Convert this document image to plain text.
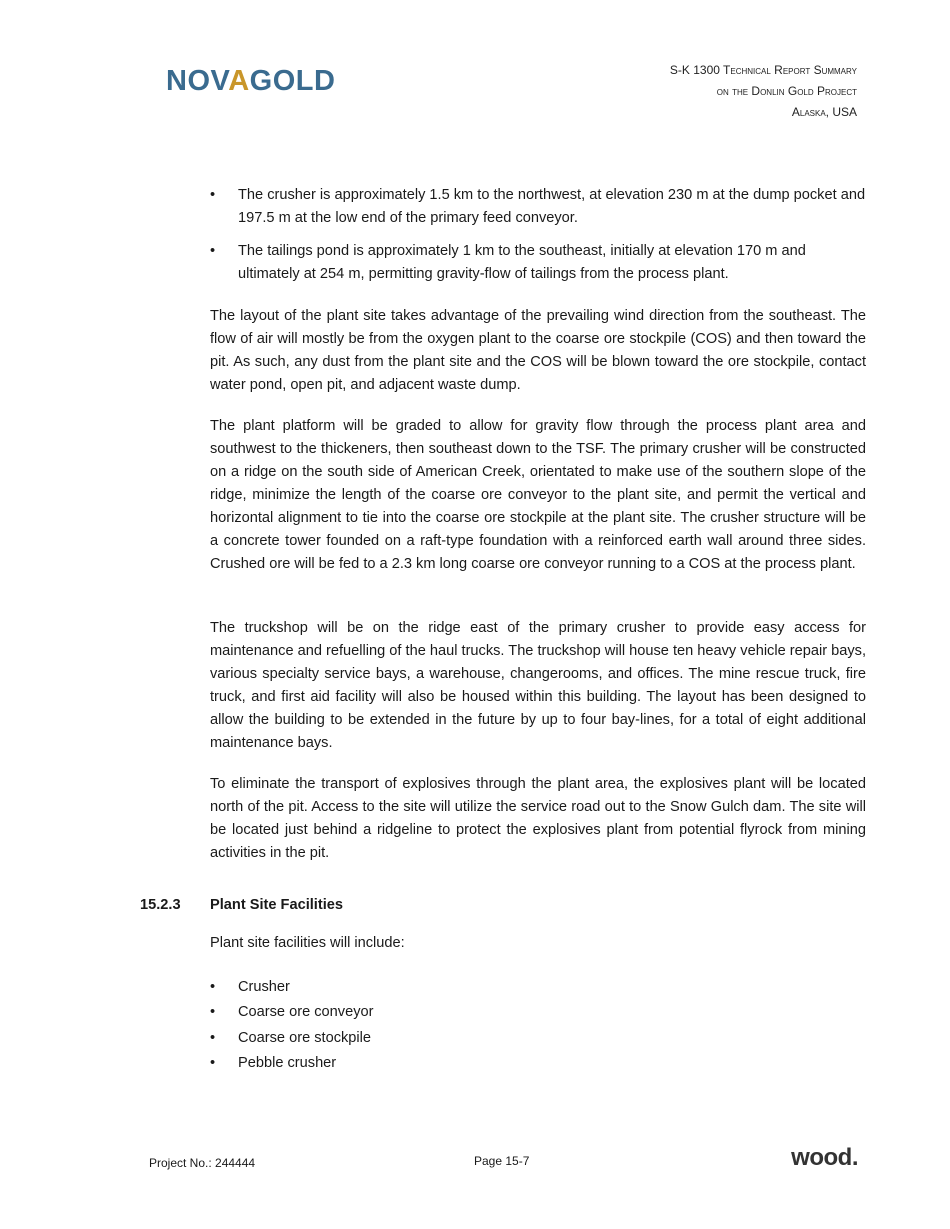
NOVAGOLD	S-K 1300 Technical Report Summary
on the Donlin Gold Project
Alaska, USA

• The crusher is approximately 1.5 km to the northwest, at elevation 230 m at the dump pocket and 197.5 m at the low end of the primary feed conveyor.

• The tailings pond is approximately 1 km to the southeast, initially at elevation 170 m and ultimately at 254 m, permitting gravity-flow of tailings from the process plant.

The layout of the plant site takes advantage of the prevailing wind direction from the southeast. The flow of air will mostly be from the oxygen plant to the coarse ore stockpile (COS) and then toward the pit. As such, any dust from the plant site and the COS will be blown toward the ore stockpile, contact water pond, open pit, and adjacent waste dump.
The plant platform will be graded to allow for gravity flow through the process plant area and southwest to the thickeners, then southeast down to the TSF. The primary crusher will be constructed on a ridge on the south side of American Creek, orientated to make use of the southern slope of the ridge, minimize the length of the coarse ore conveyor to the plant site, and permit the vertical and horizontal alignment to tie into the coarse ore stockpile at the plant site. The crusher structure will be a concrete tower founded on a raft-type foundation with a reinforced earth wall around three sides. Crushed ore will be fed to a 2.3 km long coarse ore conveyor running to a COS at the process plant.
The truckshop will be on the ridge east of the primary crusher to provide easy access for maintenance and refuelling of the haul trucks. The truckshop will house ten heavy vehicle repair bays, various specialty service bays, a warehouse, changerooms, and offices. The mine rescue truck, fire truck, and first aid facility will also be housed within this building. The layout has been designed to allow the building to be extended in the future by up to four bay-lines, for a total of eight additional maintenance bays.
To eliminate the transport of explosives through the plant area, the explosives plant will be located north of the pit. Access to the site will utilize the service road out to the Snow Gulch dam. The site will be located just behind a ridgeline to protect the explosives plant from potential flyrock from mining activities in the pit.
15.2.3 Plant Site Facilities
Plant site facilities will include:

• Crusher

• Coarse ore conveyor

• Coarse ore stockpile

• Pebble crusher

Project No.: 244444	Page 15-7	wood.
